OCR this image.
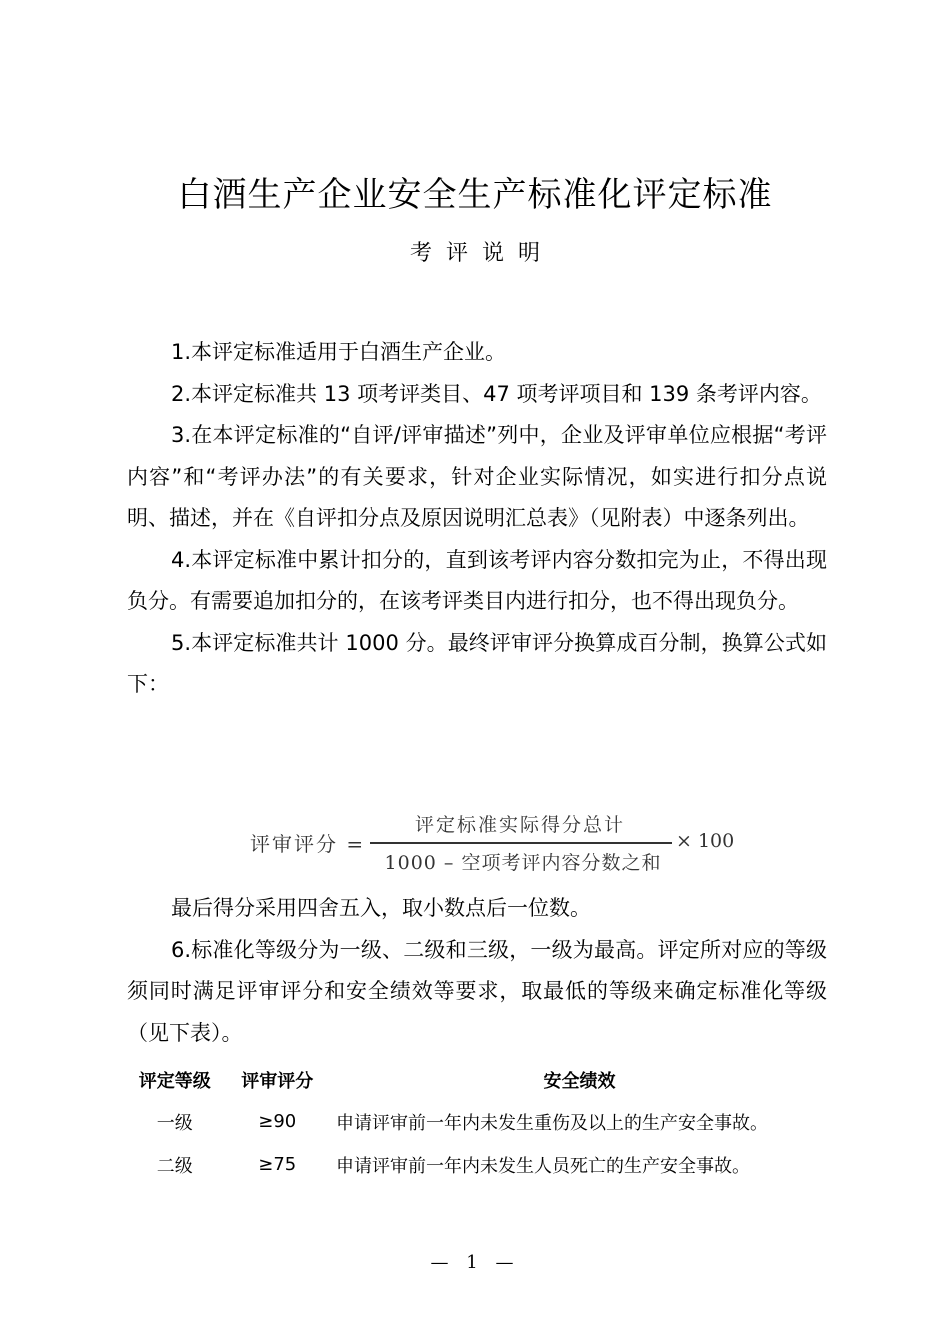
白酒生产企业安全生产标准化评定标准
考评说明

1.本评定标准适用于白酒生产企业。

2.本评定标准共 13 项考评类目、47 项考评项目和 139 条考评内容。

3.在本评定标准的“自评/评审描述”列中，企业及评审单位应根据“考评内容”和“考评办法”的有关要求，针对企业实际情况，如实进行扣分点说明、描述，并在《自评扣分点及原因说明汇总表》（见附表）中逐条列出。

4.本评定标准中累计扣分的，直到该考评内容分数扣完为止，不得出现负分。有需要追加扣分的，在该考评类目内进行扣分，也不得出现负分。

5.本评定标准共计 1000 分。最终评审评分换算成百分制，换算公式如下：

评审评分 =
评定标准实际得分总计
1000 – 空项考评内容分数之和
× 100

最后得分采用四舍五入，取小数点后一位数。

6.标准化等级分为一级、二级和三级，一级为最高。评定所对应的等级须同时满足评审评分和安全绩效等要求，取最低的等级来确定标准化等级（见下表）。

评定等级	评审评分	安全绩效
一级	≥90	申请评审前一年内未发生重伤及以上的生产安全事故。
二级	≥75	申请评审前一年内未发生人员死亡的生产安全事故。
— 1 —
